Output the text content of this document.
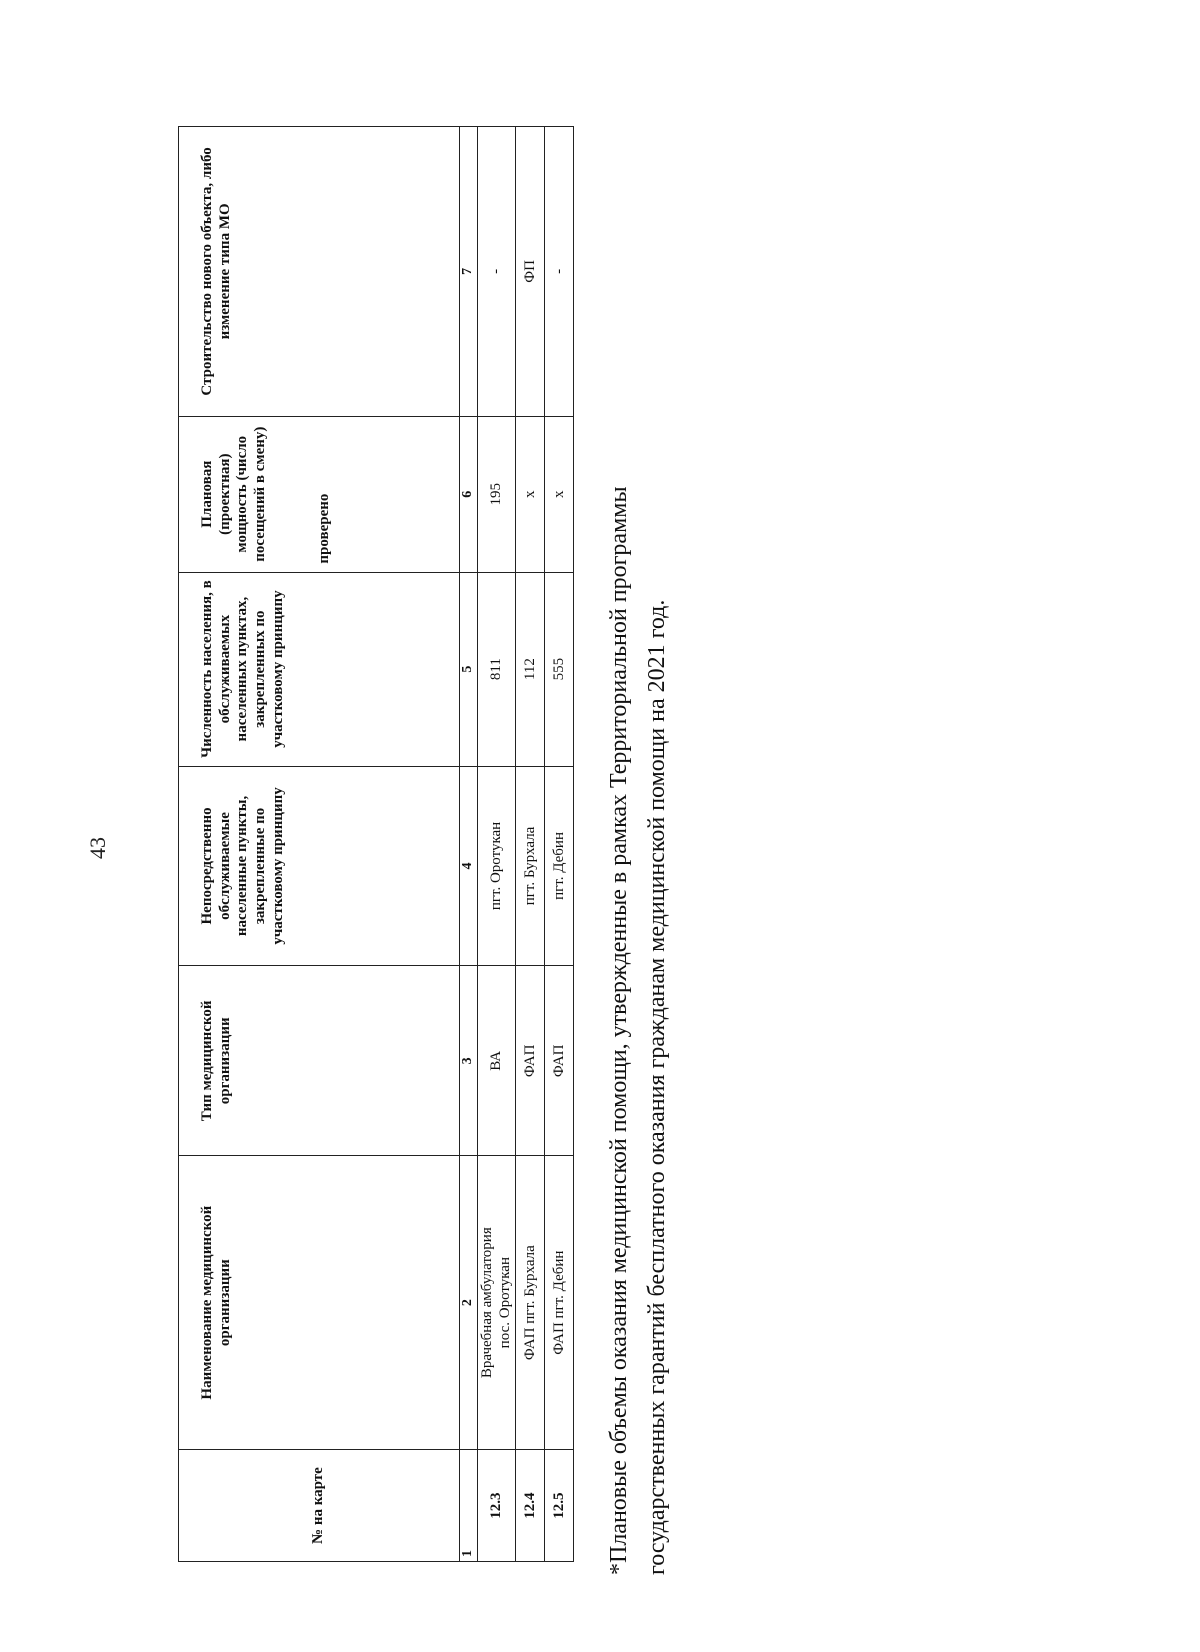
43
№ на карте	Наименование медицинской организации	Тип медицинской организации	Непосредственно обслуживаемые населенные пункты, закрепленные по участковому принципу	Численность населения, в обслуживаемых населенных пунктах, закрепленных по участковому принципу	Плановая (проектная) мощность (число посещений в смену) проверено	Строительство нового объекта, либо изменение типа МО
1	2	3	4	5	6	7
12.3	Врачебная амбулатория пос. Оротукан	ВА	пгт. Оротукан	811	195	-
12.4	ФАП пгт. Бурхала	ФАП	пгт. Бурхала	112	x	ФП
12.5	ФАП пгт. Дебин	ФАП	пгт. Дебин	555	x	-

*Плановые объемы оказания медицинской помощи, утвержденные в рамках Территориальной программы государственных гарантий бесплатного оказания гражданам медицинской помощи на 2021 год.
